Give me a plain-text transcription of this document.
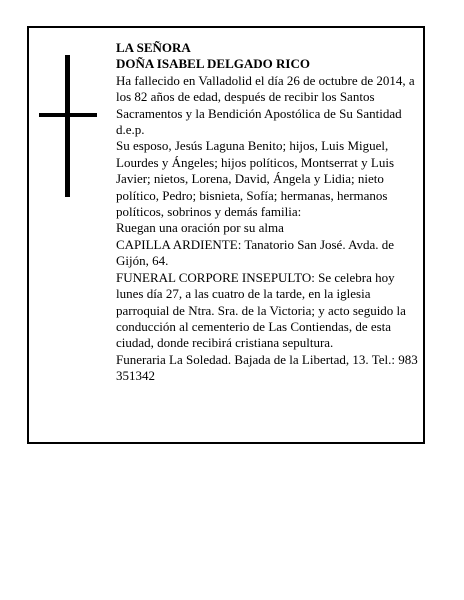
LA SEÑORA

DOÑA ISABEL DELGADO RICO

Ha fallecido en Valladolid el día 26 de octubre de 2014, a los 82 años de edad, después de recibir los Santos Sacramentos y la Bendición Apostólica de Su Santidad d.e.p.

Su esposo, Jesús Laguna Benito; hijos, Luis Miguel, Lourdes y Ángeles; hijos políticos, Montserrat y Luis Javier; nietos, Lorena, David, Ángela y Lidia; nieto político, Pedro; bisnieta, Sofía; hermanas, hermanos políticos, sobrinos y demás familia:

Ruegan una oración por su alma

CAPILLA ARDIENTE: Tanatorio San José. Avda. de Gijón, 64.

FUNERAL CORPORE INSEPULTO: Se celebra hoy lunes día 27, a las cuatro de la tarde, en la iglesia parroquial de Ntra. Sra. de la Victoria; y acto seguido la conducción al cementerio de Las Contiendas, de esta ciudad, donde recibirá cristiana sepultura.

Funeraria La Soledad. Bajada de la Libertad, 13. Tel.: 983 351342
